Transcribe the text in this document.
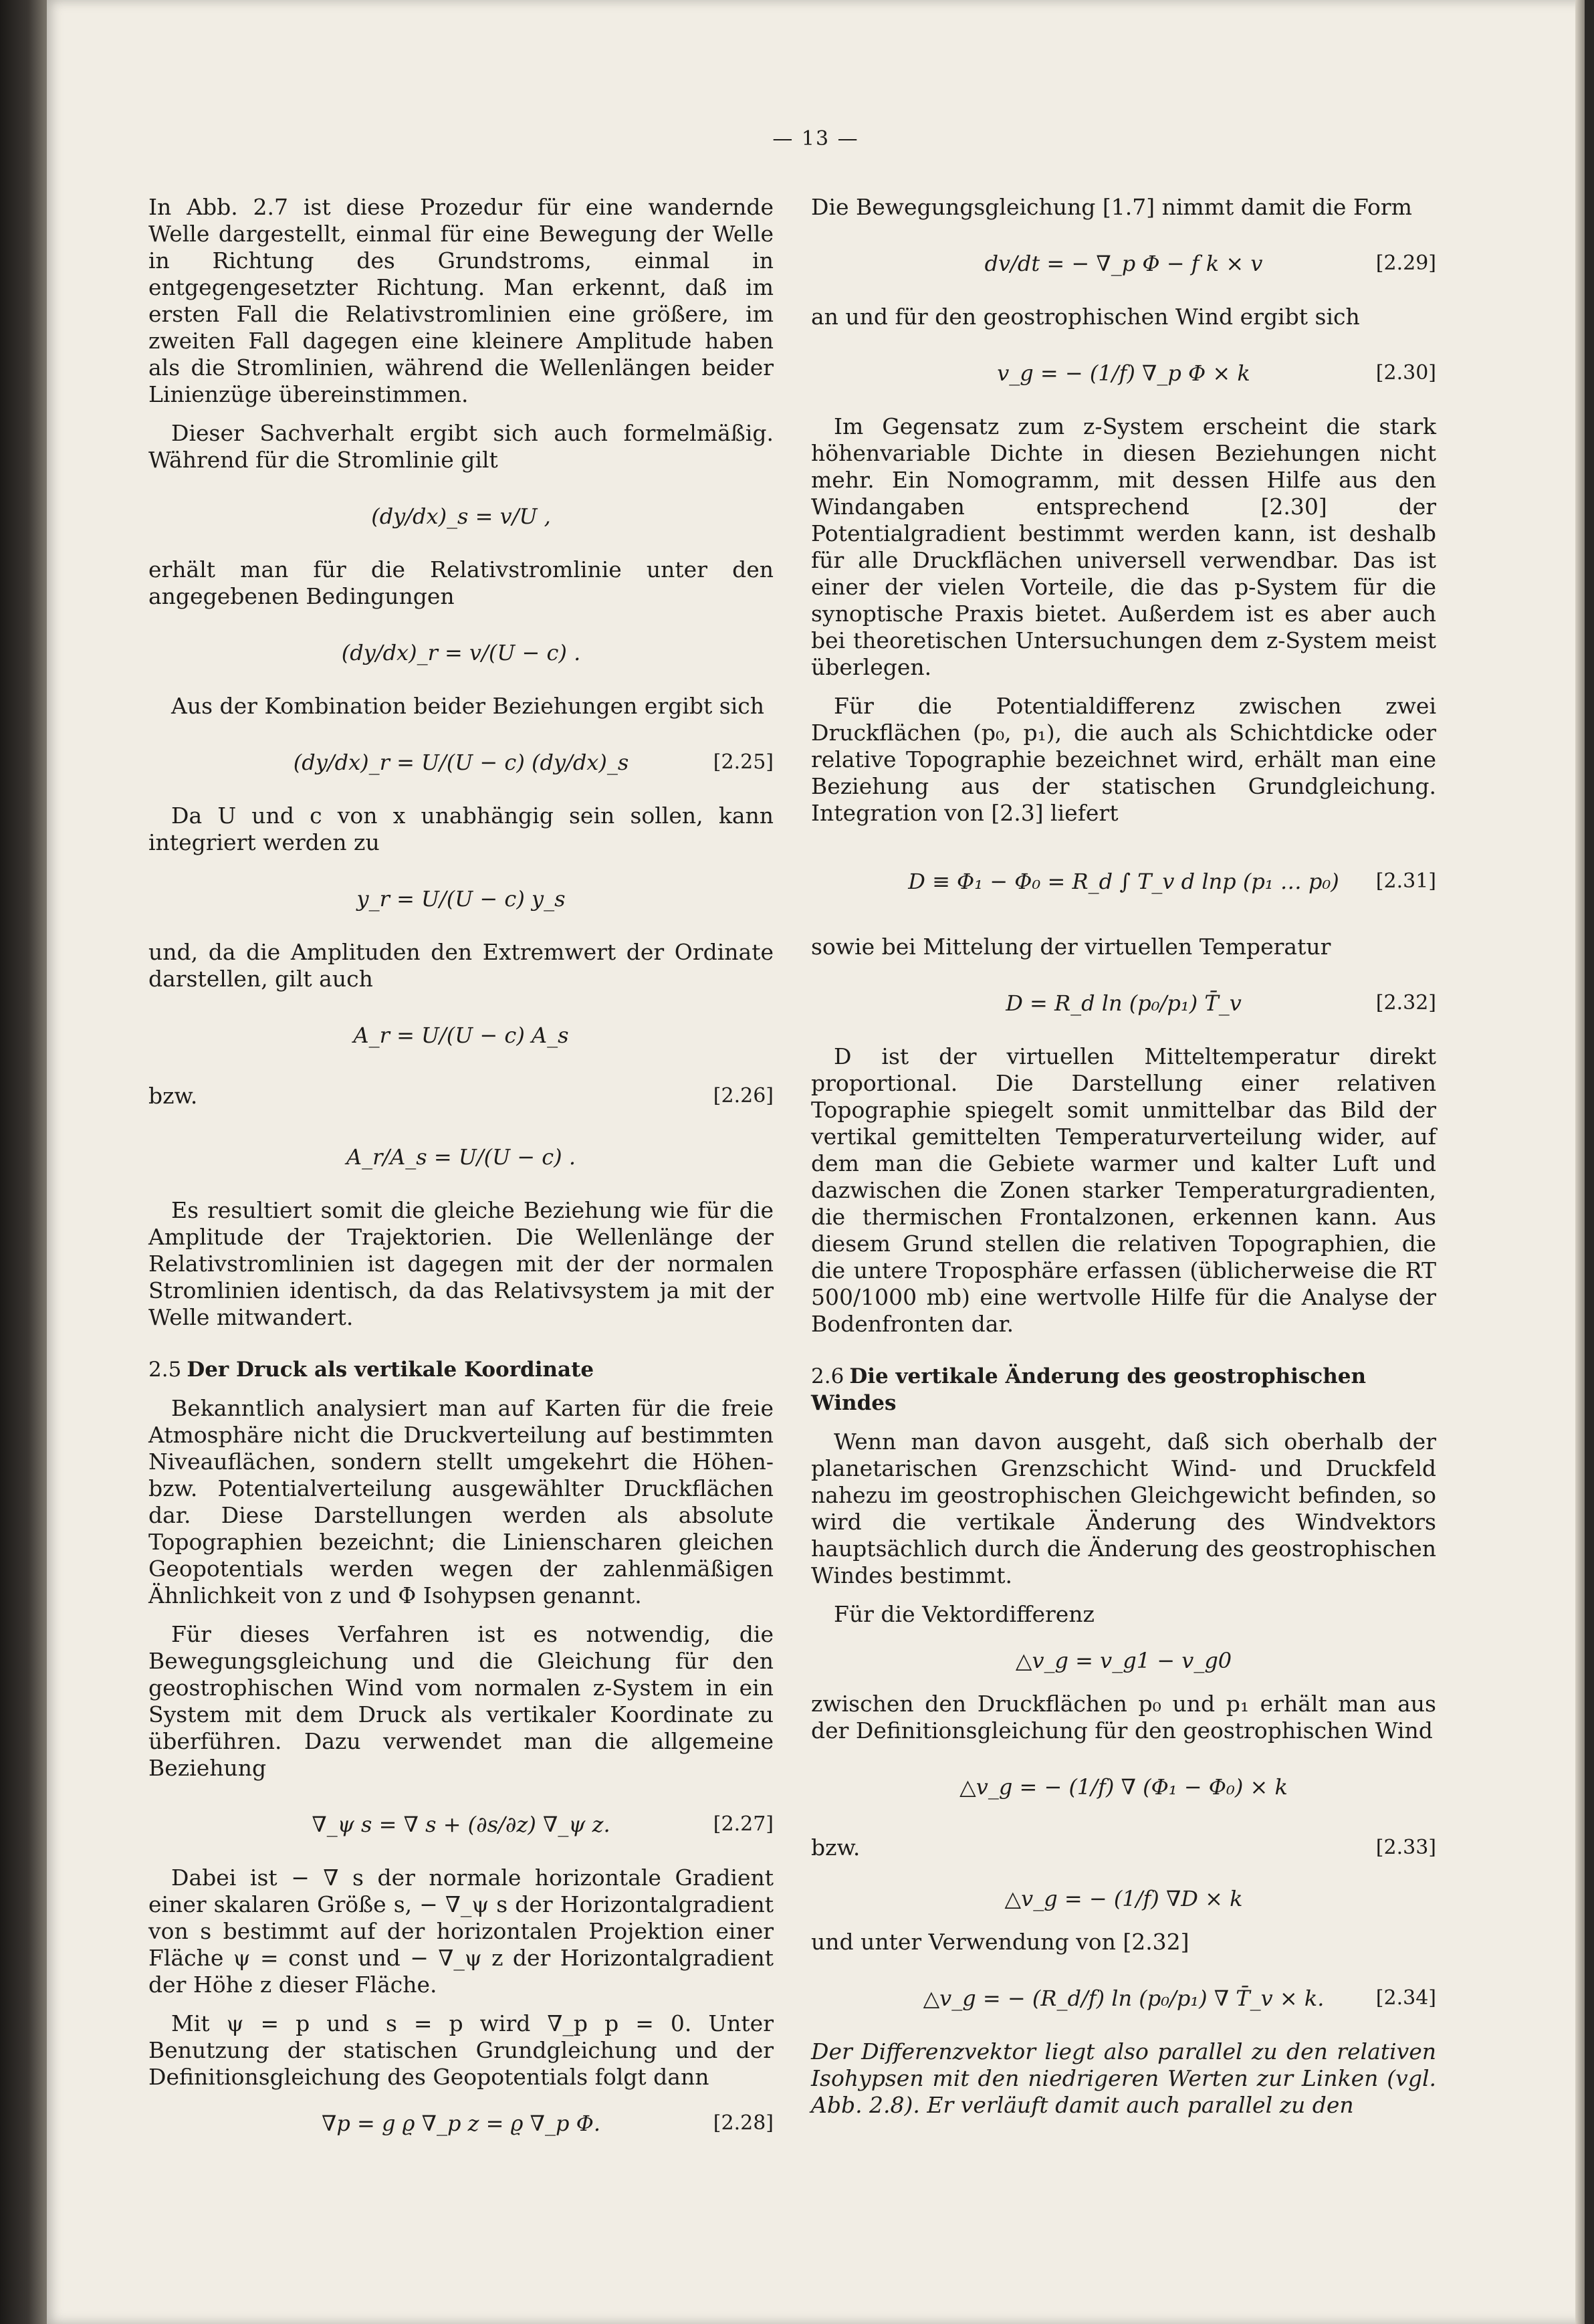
— 13 —

In Abb. 2.7 ist diese Prozedur für eine wandernde Welle dargestellt, einmal für eine Bewegung der Welle in Richtung des Grundstroms, einmal in entgegengesetzter Richtung. Man erkennt, daß im ersten Fall die Relativstromlinien eine größere, im zweiten Fall dagegen eine kleinere Amplitude haben als die Stromlinien, während die Wellenlängen beider Linienzüge übereinstimmen.

Dieser Sachverhalt ergibt sich auch formelmäßig. Während für die Stromlinie gilt

(dy/dx)_s = v/U ,

erhält man für die Relativstromlinie unter den angegebenen Bedingungen

(dy/dx)_r = v/(U − c) .

Aus der Kombination beider Beziehungen ergibt sich

(dy/dx)_r = U/(U − c) (dy/dx)_s	[2.25]

Da U und c von x unabhängig sein sollen, kann integriert werden zu

y_r = U/(U − c) y_s

und, da die Amplituden den Extremwert der Ordinate darstellen, gilt auch

A_r = U/(U − c) A_s
bzw.	[2.26]
A_r/A_s = U/(U − c) .

Es resultiert somit die gleiche Beziehung wie für die Amplitude der Trajektorien. Die Wellenlänge der Relativstromlinien ist dagegen mit der der normalen Stromlinien identisch, da das Relativsystem ja mit der Welle mitwandert.

2.5 Der Druck als vertikale Koordinate

Bekanntlich analysiert man auf Karten für die freie Atmosphäre nicht die Druckverteilung auf bestimmten Niveauflächen, sondern stellt umgekehrt die Höhen- bzw. Potentialverteilung ausgewählter Druckflächen dar. Diese Darstellungen werden als absolute Topographien bezeichnt; die Linienscharen gleichen Geopotentials werden wegen der zahlenmäßigen Ähnlichkeit von z und Φ Isohypsen genannt.

Für dieses Verfahren ist es notwendig, die Bewegungsgleichung und die Gleichung für den geostrophischen Wind vom normalen z-System in ein System mit dem Druck als vertikaler Koordinate zu überführen. Dazu verwendet man die allgemeine Beziehung

∇_ψ s = ∇ s + (∂s/∂z) ∇_ψ z.	[2.27]

Dabei ist − ∇ s der normale horizontale Gradient einer skalaren Größe s, − ∇_ψ s der Horizontalgradient von s bestimmt auf der horizontalen Projektion einer Fläche ψ = const und − ∇_ψ z der Horizontalgradient der Höhe z dieser Fläche.

Mit ψ = p und s = p wird ∇_p p = 0. Unter Benutzung der statischen Grundgleichung und der Definitionsgleichung des Geopotentials folgt dann

∇p = g ϱ ∇_p z = ϱ ∇_p Φ.	[2.28]

Die Bewegungsgleichung [1.7] nimmt damit die Form

dv/dt = − ∇_p Φ − f k × v	[2.29]

an und für den geostrophischen Wind ergibt sich

v_g = − (1/f) ∇_p Φ × k	[2.30]

Im Gegensatz zum z-System erscheint die stark höhenvariable Dichte in diesen Beziehungen nicht mehr. Ein Nomogramm, mit dessen Hilfe aus den Windangaben entsprechend [2.30] der Potentialgradient bestimmt werden kann, ist deshalb für alle Druckflächen universell verwendbar. Das ist einer der vielen Vorteile, die das p-System für die synoptische Praxis bietet. Außerdem ist es aber auch bei theoretischen Untersuchungen dem z-System meist überlegen.

Für die Potentialdifferenz zwischen zwei Druckflächen (p₀, p₁), die auch als Schichtdicke oder relative Topographie bezeichnet wird, erhält man eine Beziehung aus der statischen Grundgleichung. Integration von [2.3] liefert

D ≡ Φ₁ − Φ₀ = R_d ∫ T_v d lnp (p₁ … p₀) [2.31]

sowie bei Mittelung der virtuellen Temperatur

D = R_d ln (p₀/p₁) T̄_v	[2.32]

D ist der virtuellen Mitteltemperatur direkt proportional. Die Darstellung einer relativen Topographie spiegelt somit unmittelbar das Bild der vertikal gemittelten Temperaturverteilung wider, auf dem man die Gebiete warmer und kalter Luft und dazwischen die Zonen starker Temperaturgradienten, die thermischen Frontalzonen, erkennen kann. Aus diesem Grund stellen die relativen Topographien, die die untere Troposphäre erfassen (üblicherweise die RT 500/1000 mb) eine wertvolle Hilfe für die Analyse der Bodenfronten dar.

2.6 Die vertikale Änderung des geostrophischen Windes

Wenn man davon ausgeht, daß sich oberhalb der planetarischen Grenzschicht Wind- und Druckfeld nahezu im geostrophischen Gleichgewicht befinden, so wird die vertikale Änderung des Windvektors hauptsächlich durch die Änderung des geostrophischen Windes bestimmt.

Für die Vektordifferenz

△v_g = v_g1 − v_g0

zwischen den Druckflächen p₀ und p₁ erhält man aus der Definitionsgleichung für den geostrophischen Wind

△v_g = − (1/f) ∇ (Φ₁ − Φ₀) × k
bzw.	[2.33]
△v_g = − (1/f) ∇D × k

und unter Verwendung von [2.32]

△v_g = − (R_d/f) ln (p₀/p₁) ∇ T̄_v × k.	[2.34]

Der Differenzvektor liegt also parallel zu den relativen Isohypsen mit den niedrigeren Werten zur Linken (vgl. Abb. 2.8). Er verläuft damit auch parallel zu den
